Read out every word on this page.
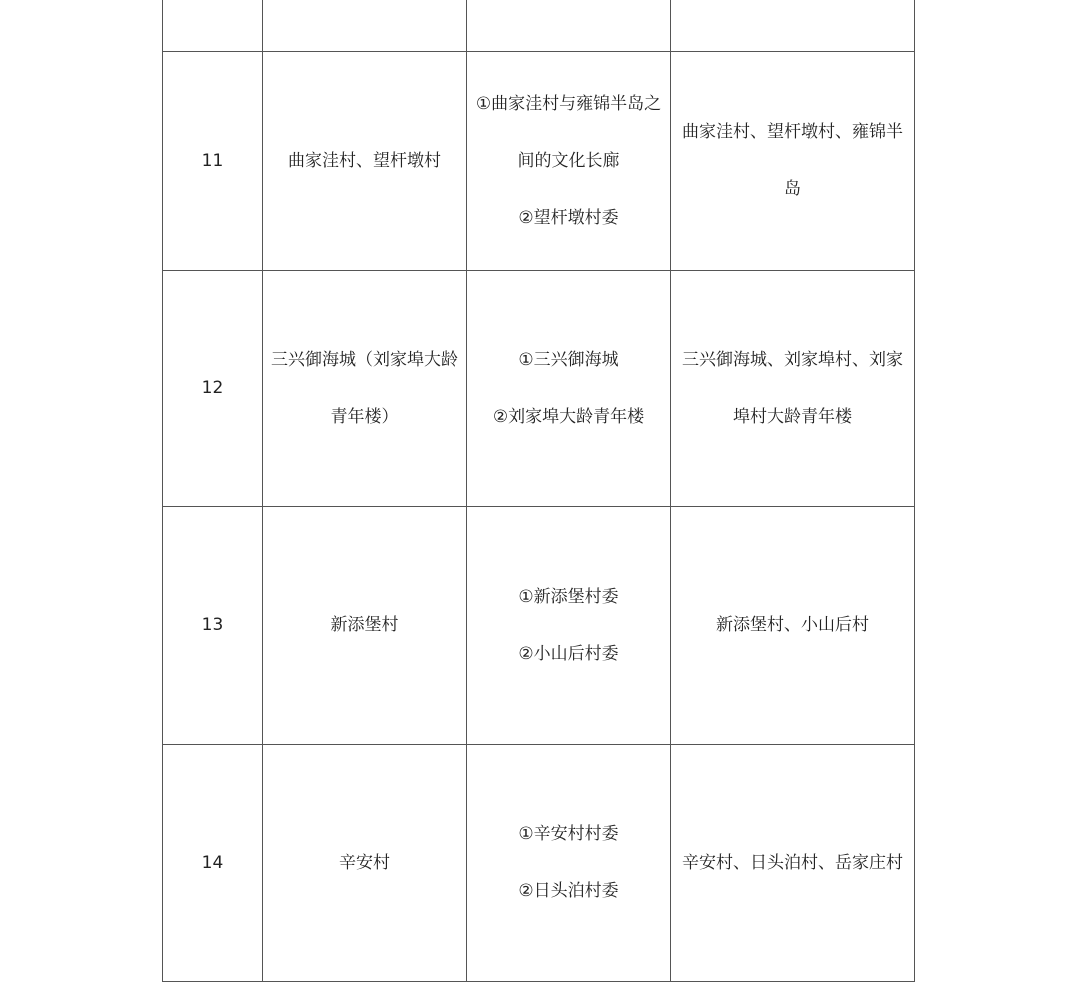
11	曲家洼村、望杆墩村	①曲家洼村与雍锦半岛之
间的文化长廊
②望杆墩村委	曲家洼村、望杆墩村、雍锦半
岛

12	三兴御海城（刘家埠大龄
青年楼）	①三兴御海城
②刘家埠大龄青年楼	三兴御海城、刘家埠村、刘家
埠村大龄青年楼

13	新添堡村	①新添堡村委
②小山后村委	新添堡村、小山后村
14	辛安村	①辛安村村委
②日头泊村委	辛安村、日头泊村、岳家庄村
